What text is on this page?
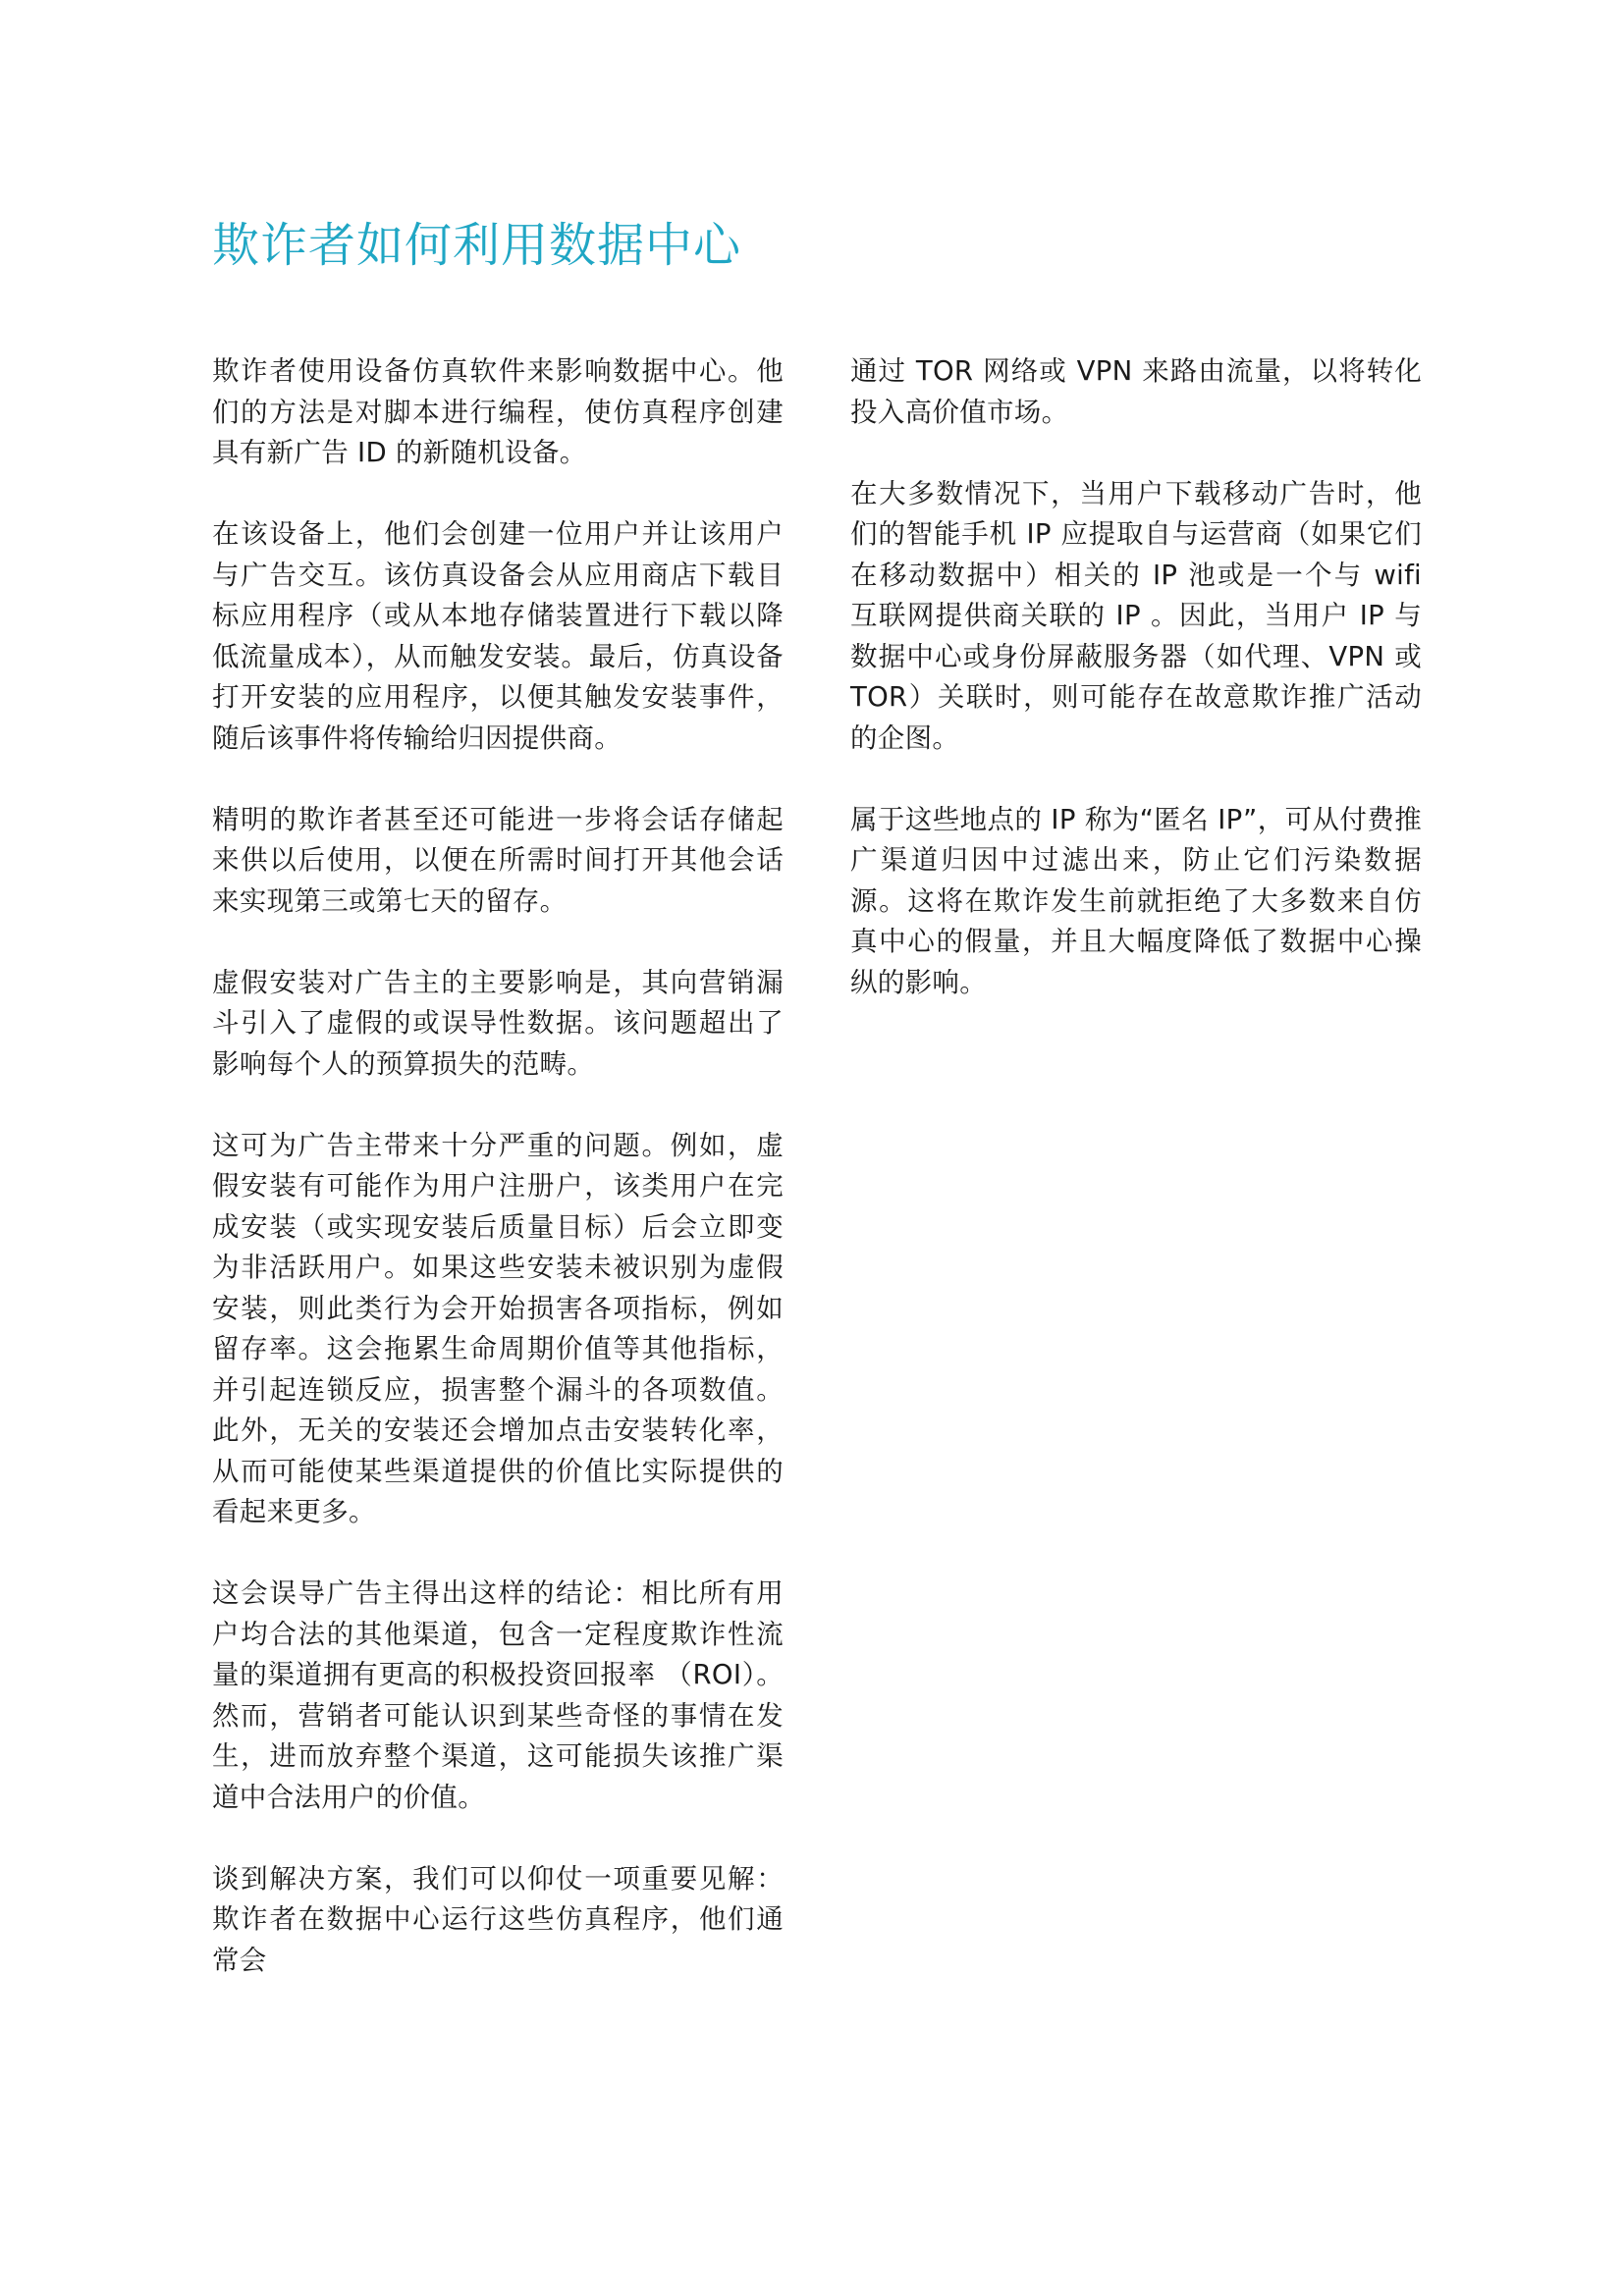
欺诈者如何利用数据中心

欺诈者使用设备仿真软件来影响数据中心。他们的方法是对脚本进行编程，使仿真程序创建具有新广告 ID 的新随机设备。

在该设备上，他们会创建一位用户并让该用户与广告交互。该仿真设备会从应用商店下载目标应用程序（或从本地存储装置进行下载以降低流量成本），从而触发安装。最后，仿真设备打开安装的应用程序，以便其触发安装事件，随后该事件将传输给归因提供商。

精明的欺诈者甚至还可能进一步将会话存储起来供以后使用，以便在所需时间打开其他会话来实现第三或第七天的留存。

虚假安装对广告主的主要影响是，其向营销漏斗引入了虚假的或误导性数据。该问题超出了影响每个人的预算损失的范畴。

这可为广告主带来十分严重的问题。例如，虚假安装有可能作为用户注册户，该类用户在完成安装（或实现安装后质量目标）后会立即变为非活跃用户。如果这些安装未被识别为虚假安装，则此类行为会开始损害各项指标，例如留存率。这会拖累生命周期价值等其他指标，并引起连锁反应，损害整个漏斗的各项数值。此外，无关的安装还会增加点击安装转化率，从而可能使某些渠道提供的价值比实际提供的看起来更多。

这会误导广告主得出这样的结论：相比所有用户均合法的其他渠道，包含一定程度欺诈性流量的渠道拥有更高的积极投资回报率 （ROI）。然而，营销者可能认识到某些奇怪的事情在发生，进而放弃整个渠道，这可能损失该推广渠道中合法用户的价值。

谈到解决方案，我们可以仰仗一项重要见解：欺诈者在数据中心运行这些仿真程序，他们通常会

通过 TOR 网络或 VPN 来路由流量，以将转化投入高价值市场。

在大多数情况下，当用户下载移动广告时，他们的智能手机 IP 应提取自与运营商（如果它们在移动数据中）相关的 IP 池或是一个与 wifi 互联网提供商关联的 IP 。因此，当用户 IP 与数据中心或身份屏蔽服务器（如代理、VPN 或 TOR）关联时，则可能存在故意欺诈推广活动的企图。

属于这些地点的 IP 称为“匿名 IP”，可从付费推广渠道归因中过滤出来，防止它们污染数据源。这将在欺诈发生前就拒绝了大多数来自仿真中心的假量，并且大幅度降低了数据中心操纵的影响。
